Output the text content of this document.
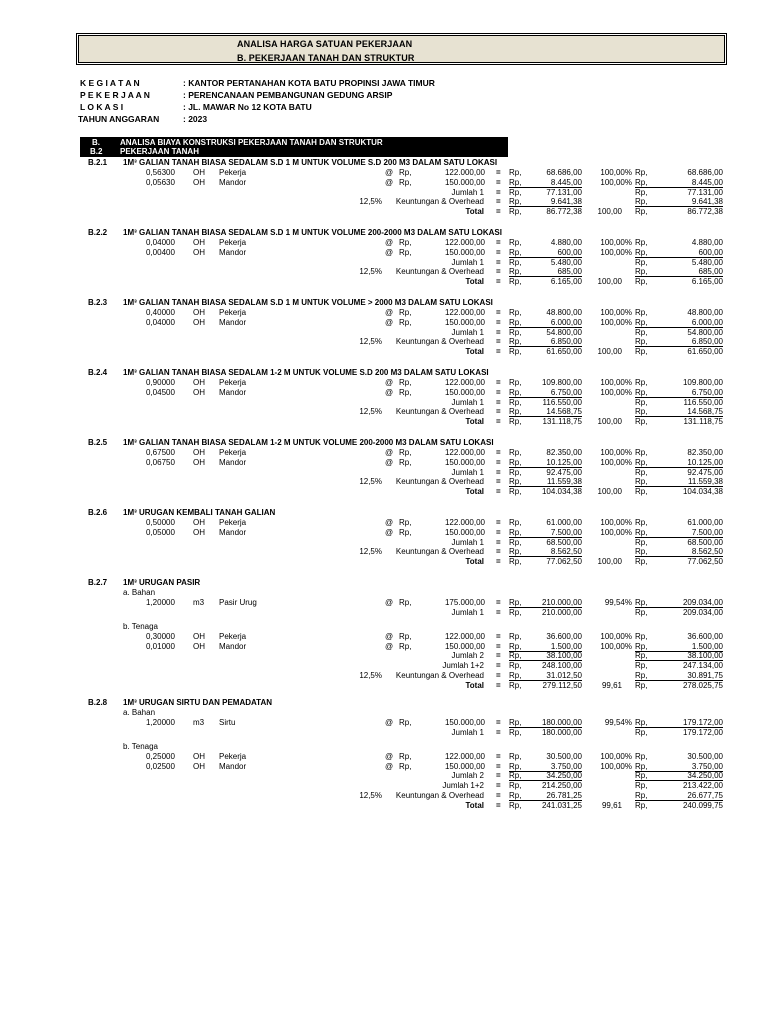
ANALISA HARGA SATUAN PEKERJAAN
B. PEKERJAAN TANAH DAN STRUKTUR
K E G I A T A N	: KANTOR PERTANAHAN KOTA BATU PROPINSI JAWA TIMUR
P E K E R J A A N	: PERENCANAAN PEMBANGUNAN GEDUNG ARSIP
L O K A S I	: JL. MAWAR No 12 KOTA BATU
TAHUN ANGGARAN	: 2023
B.	ANALISA BIAYA KONSTRUKSI PEKERJAAN TANAH DAN STRUKTUR
B.2 PEKERJAAN TANAH
B.2.1 1M³ GALIAN TANAH BIASA SEDALAM S.D 1 M UNTUK VOLUME S.D 200 M3 DALAM SATU LOKASI
0,56300 OH Pekerja	@ Rp,	122.000,00 = Rp,	68.686,00 100,00% Rp,	68.686,00
0,05630 OH Mandor	@ Rp,	150.000,00 = Rp,	8.445,00 100,00% Rp,	8.445,00
Jumlah 1 = Rp,	77.131,00	Rp,	77.131,00
12,5% Keuntungan & Overhead = Rp,	9.641,38	Rp,	9.641,38
Total = Rp,	86.772,38 100,00 Rp,	86.772,38
B.2.2 1M³ GALIAN TANAH BIASA SEDALAM S.D 1 M UNTUK VOLUME 200-2000 M3 DALAM SATU LOKASI
0,04000 OH Pekerja	@ Rp,	122.000,00 = Rp,	4.880,00 100,00% Rp,	4.880,00
0,00400 OH Mandor	@ Rp,	150.000,00 = Rp,	600,00 100,00% Rp,	600,00
Jumlah 1 = Rp,	5.480,00	Rp,	5.480,00
12,5% Keuntungan & Overhead = Rp,	685,00	Rp,	685,00
Total = Rp,	6.165,00 100,00 Rp,	6.165,00
B.2.3 1M³ GALIAN TANAH BIASA SEDALAM S.D 1 M UNTUK VOLUME > 2000 M3 DALAM SATU LOKASI
0,40000 OH Pekerja	@ Rp,	122.000,00 = Rp,	48.800,00 100,00% Rp,	48.800,00
0,04000 OH Mandor	@ Rp,	150.000,00 = Rp,	6.000,00 100,00% Rp,	6.000,00
Jumlah 1 = Rp,	54.800,00	Rp,	54.800,00
12,5% Keuntungan & Overhead = Rp,	6.850,00	Rp,	6.850,00
Total = Rp,	61.650,00 100,00 Rp,	61.650,00
B.2.4 1M³ GALIAN TANAH BIASA SEDALAM 1-2 M UNTUK VOLUME S.D 200 M3 DALAM SATU LOKASI
0,90000 OH Pekerja	@ Rp,	122.000,00 = Rp,	109.800,00 100,00% Rp,	109.800,00
0,04500 OH Mandor	@ Rp,	150.000,00 = Rp,	6.750,00 100,00% Rp,	6.750,00
Jumlah 1 = Rp,	116.550,00	Rp,	116.550,00
12,5% Keuntungan & Overhead = Rp,	14.568,75	Rp,	14.568,75
Total = Rp,	131.118,75 100,00 Rp,	131.118,75
B.2.5 1M³ GALIAN TANAH BIASA SEDALAM 1-2 M UNTUK VOLUME 200-2000 M3 DALAM SATU LOKASI
0,67500 OH Pekerja	@ Rp,	122.000,00 = Rp,	82.350,00 100,00% Rp,	82.350,00
0,06750 OH Mandor	@ Rp,	150.000,00 = Rp,	10.125,00 100,00% Rp,	10.125,00
Jumlah 1 = Rp,	92.475,00	Rp,	92.475,00
12,5% Keuntungan & Overhead = Rp,	11.559,38	Rp,	11.559,38
Total = Rp,	104.034,38 100,00 Rp,	104.034,38
B.2.6 1M³ URUGAN KEMBALI TANAH GALIAN
0,50000 OH Pekerja	@ Rp,	122.000,00 = Rp,	61.000,00 100,00% Rp,	61.000,00
0,05000 OH Mandor	@ Rp,	150.000,00 = Rp,	7.500,00 100,00% Rp,	7.500,00
Jumlah 1 = Rp,	68.500,00	Rp,	68.500,00
12,5% Keuntungan & Overhead = Rp,	8.562,50	Rp,	8.562,50
Total = Rp,	77.062,50 100,00 Rp,	77.062,50
B.2.7 1M³ URUGAN PASIR
a. Bahan
1,20000 m3 Pasir Urug	@ Rp,	175.000,00 = Rp,	210.000,00	99,54% Rp,	209.034,00
Jumlah 1 = Rp,	210.000,00	Rp,	209.034,00
b. Tenaga
0,30000 OH Pekerja	@ Rp,	122.000,00 = Rp,	36.600,00 100,00% Rp,	36.600,00
0,01000 OH Mandor	@ Rp,	150.000,00 = Rp,	1.500,00 100,00% Rp,	1.500,00
Jumlah 2 = Rp,	38.100,00	Rp,	38.100,00
Jumlah 1+2 = Rp,	248.100,00	Rp,	247.134,00
12,5% Keuntungan & Overhead = Rp,	31.012,50	Rp,	30.891,75
Total = Rp,	279.112,50 99,61 Rp,	278.025,75
B.2.8 1M³ URUGAN SIRTU DAN PEMADATAN
a. Bahan
1,20000 m3 Sirtu	@ Rp,	150.000,00 = Rp,	180.000,00	99,54% Rp,	179.172,00
Jumlah 1 = Rp,	180.000,00	Rp,	179.172,00
b. Tenaga
0,25000 OH Pekerja	@ Rp,	122.000,00 = Rp,	30.500,00 100,00% Rp,	30.500,00
0,02500 OH Mandor	@ Rp,	150.000,00 = Rp,	3.750,00 100,00% Rp,	3.750,00
Jumlah 2 = Rp,	34.250,00	Rp,	34.250,00
Jumlah 1+2 = Rp,	214.250,00	Rp,	213.422,00
12,5% Keuntungan & Overhead = Rp,	26.781,25	Rp,	26.677,75
Total = Rp,	241.031,25 99,61 Rp,	240.099,75
